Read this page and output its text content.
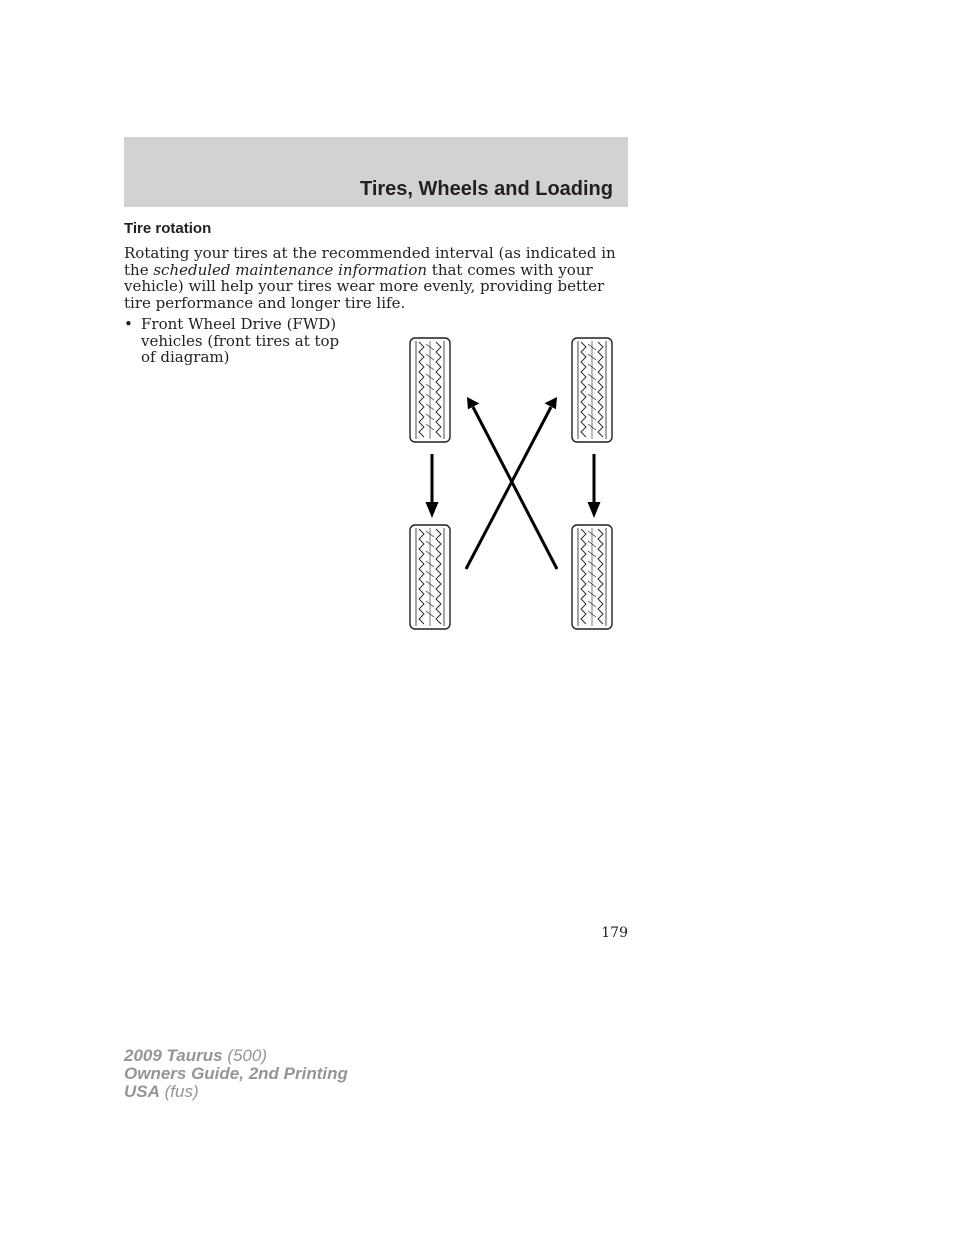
Tires, Wheels and Loading
Tire rotation
Rotating your tires at the recommended interval (as indicated in the scheduled maintenance information that comes with your vehicle) will help your tires wear more evenly, providing better tire performance and longer tire life.
• Front Wheel Drive (FWD) vehicles (front tires at top of diagram)
179
2009 Taurus (500)
Owners Guide, 2nd Printing
USA (fus)
